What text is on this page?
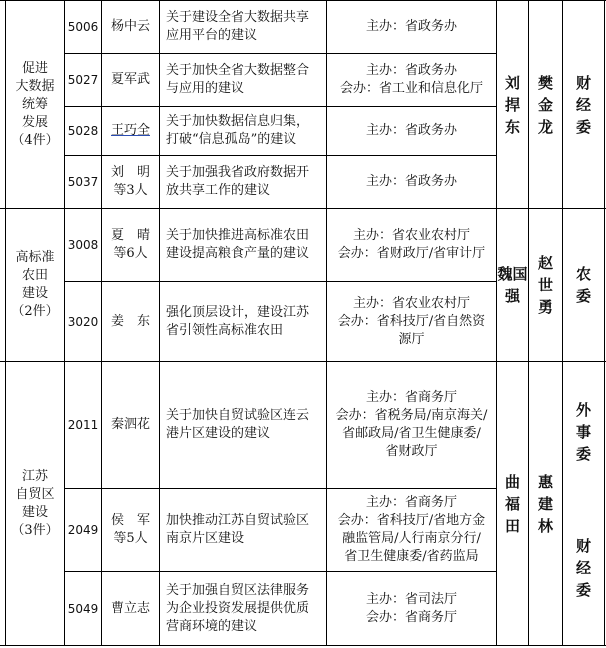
促进
大数据
统筹
发展
（4件）
5006 杨中云
关于建设全省大数据共享
应用平台的建议
主办：省政务办
5027 夏军武
关于加快全省大数据整合
与应用的建议
主办：省政务办
会办：省工业和信息化厅
5028 王巧全
关于加快数据信息归集，
打破“信息孤岛”的建议
主办：省政务办
5037
刘　明
等3人
关于加强我省政府数据开
放共享工作的建议
主办：省政务办
刘
捍
东
樊
金
龙
财
经
委
高标准
农田
建设
（2件）
3008
夏　晴
等6人
关于加快推进高标准农田
建设提高粮食产量的建议
主办：省农业农村厅
会办：省财政厅/省审计厅
3020 姜　东
强化顶层设计，建设江苏
省引领性高标准农田
主办：省农业农村厅
会办：省科技厅/省自然资
源厅
魏国强
赵
世
勇
农
委
江苏
自贸区
建设
（3件）
2011 秦泗花
关于加快自贸试验区连云
港片区建设的建议
主办：省商务厅
会办：省税务局/南京海关/
省邮政局/省卫生健康委/
省财政厅
2049
侯　军
等5人
加快推动江苏自贸试验区
南京片区建设
主办：省商务厅
会办：省科技厅/省地方金
融监管局/人行南京分行/
省卫生健康委/省药监局
5049 曹立志
关于加强自贸区法律服务
为企业投资发展提供优质
营商环境的建议
主办：省司法厅
会办：省商务厅
曲
福
田
惠
建
林
外
事
委
财
经
委
